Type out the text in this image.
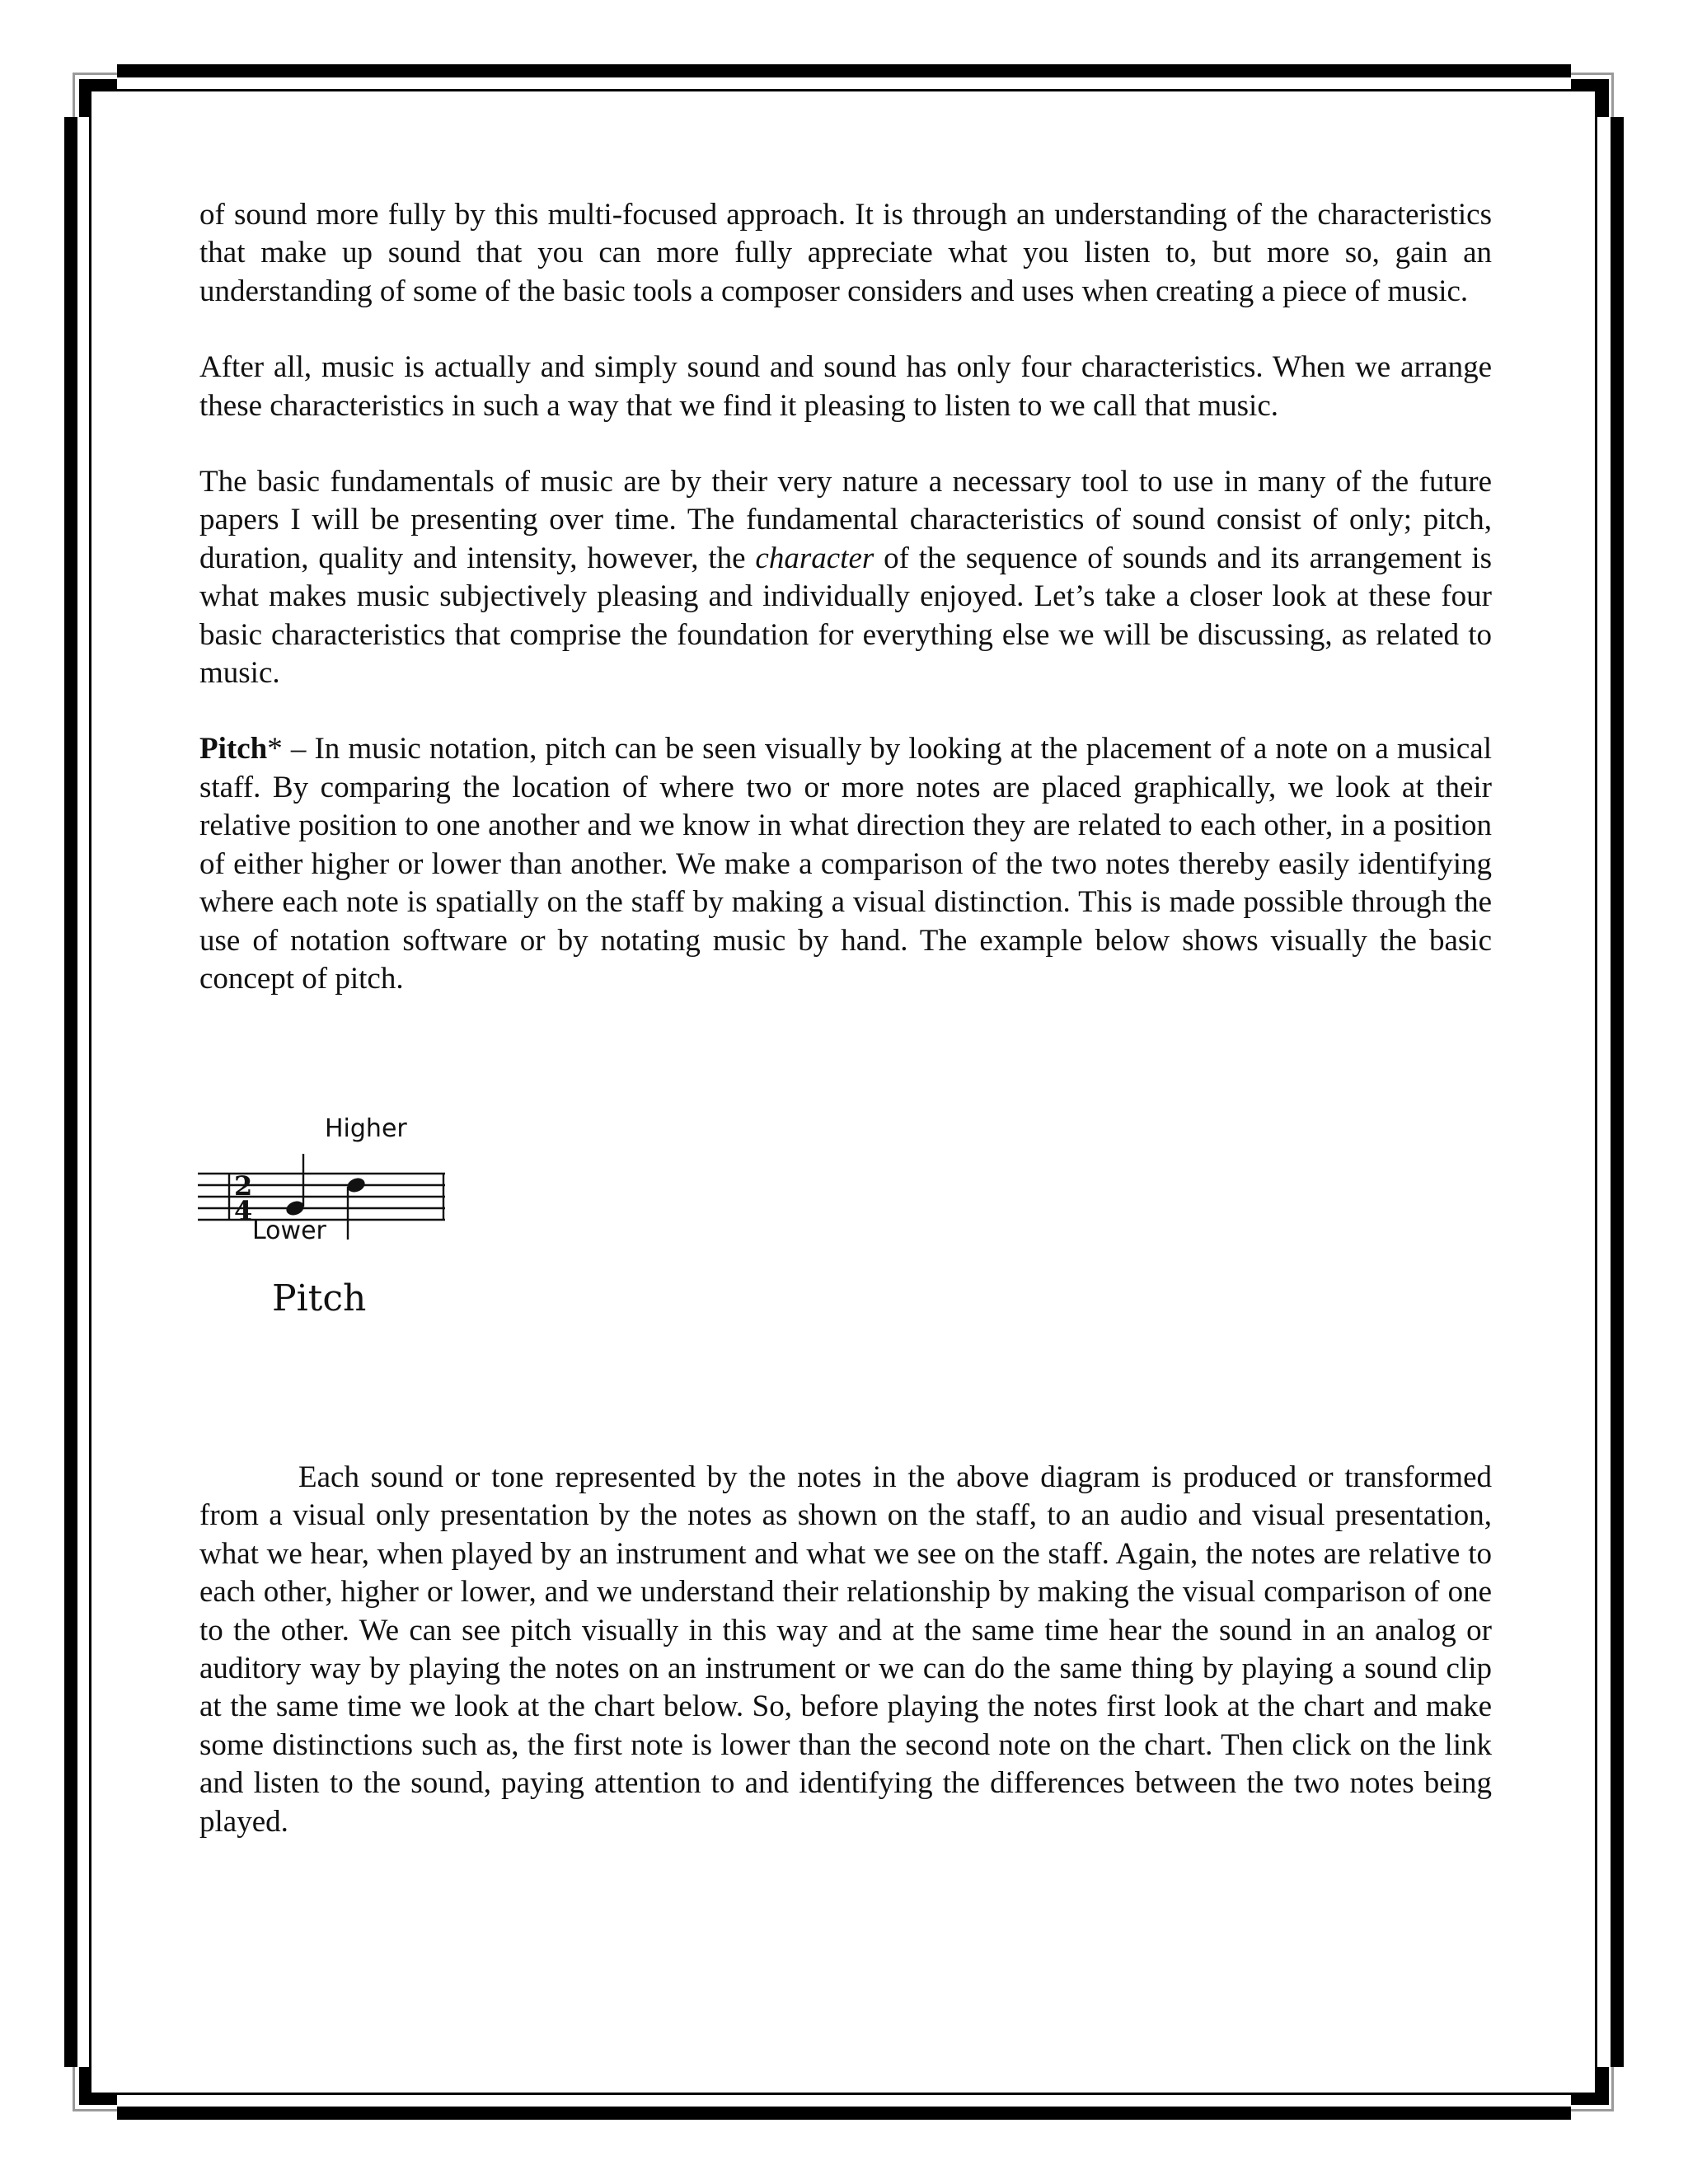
of sound more fully by this multi-focused approach. It is through an understanding of the characteristics that make up sound that you can more fully appreciate what you listen to, but more so, gain an understanding of some of the basic tools a composer considers and uses when creating a piece of music.

After all, music is actually and simply sound and sound has only four characteristics. When we arrange these characteristics in such a way that we find it pleasing to listen to we call that music.

The basic fundamentals of music are by their very nature a necessary tool to use in many of the future papers I will be presenting over time. The fundamental characteristics of sound consist of only; pitch, duration, quality and intensity, however, the character of the sequence of sounds and its arrangement is what makes music subjectively pleasing and individually enjoyed. Let’s take a closer look at these four basic characteristics that comprise the foundation for everything else we will be discussing, as related to music.

Pitch* – In music notation, pitch can be seen visually by looking at the placement of a note on a musical staff. By comparing the location of where two or more notes are placed graphically, we look at their relative position to one another and we know in what direction they are related to each other, in a position of either higher or lower than another. We make a comparison of the two notes thereby easily identifying where each note is spatially on the staff by making a visual distinction. This is made possible through the use of notation software or by notating music by hand. The example below shows visually the basic concept of pitch.

Higher
2
4
Lower
Pitch

Each sound or tone represented by the notes in the above diagram is produced or transformed from a visual only presentation by the notes as shown on the staff, to an audio and visual presentation, what we hear, when played by an instrument and what we see on the staff. Again, the notes are relative to each other, higher or lower, and we understand their relationship by making the visual comparison of one to the other. We can see pitch visually in this way and at the same time hear the sound in an analog or auditory way by playing the notes on an instrument or we can do the same thing by playing a sound clip at the same time we look at the chart below. So, before playing the notes first look at the chart and make some distinctions such as, the first note is lower than the second note on the chart. Then click on the link and listen to the sound, paying attention to and identifying the differences between the two notes being played.
